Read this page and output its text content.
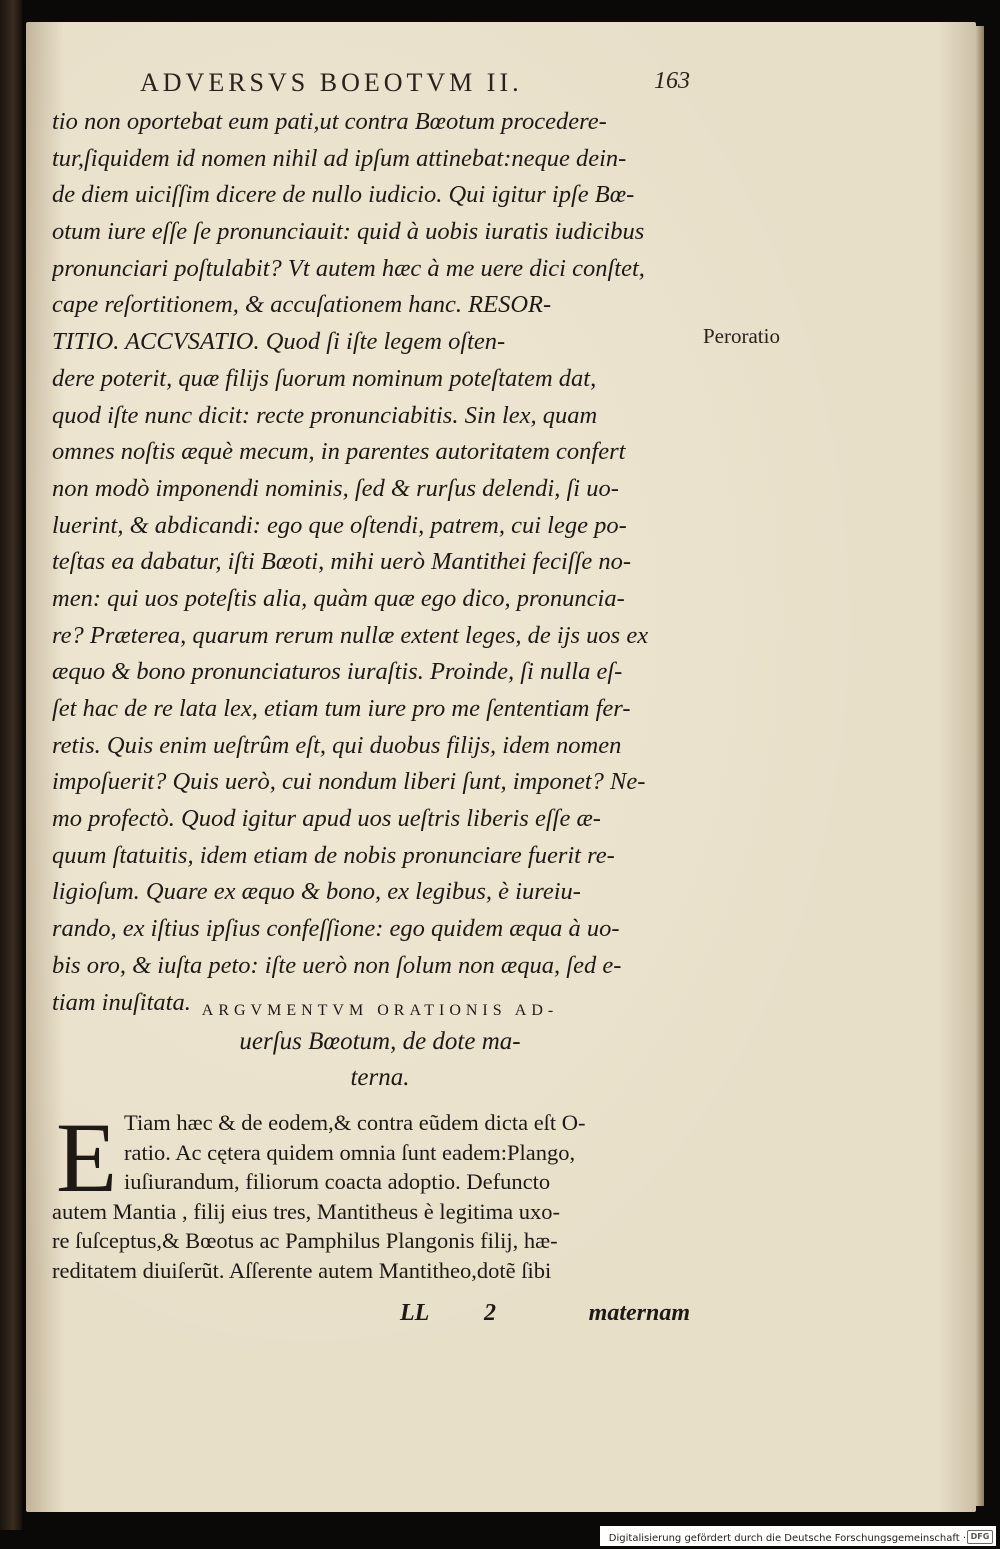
ADVERSVS BOEOTVM II.	163
tio non oportebat eum pati,ut contra Bœotum procedere-
tur,ſiquidem id nomen nihil ad ipſum attinebat:neque dein-
de diem uiciſſim dicere de nullo iudicio. Qui igitur ipſe Bœ-
otum iure eſſe ſe pronunciauit: quid à uobis iuratis iudicibus
pronunciari poſtulabit? Vt autem hæc à me uere dici conſtet,
cape reſortitionem, & accuſationem hanc. RESOR-
TITIO. ACCVSATIO. Quod ſi iſte legem oſten-
dere poterit, quæ filijs ſuorum nominum poteſtatem dat,
quod iſte nunc dicit: recte pronunciabitis. Sin lex, quam
omnes noſtis æquè mecum, in parentes autoritatem confert
non modò imponendi nominis, ſed & rurſus delendi, ſi uo-
luerint, & abdicandi: ego que oſtendi, patrem, cui lege po-
teſtas ea dabatur, iſti Bœoti, mihi uerò Mantithei feciſſe no-
men: qui uos poteſtis alia, quàm quæ ego dico, pronuncia-
re? Præterea, quarum rerum nullæ extent leges, de ijs uos ex
æquo & bono pronunciaturos iuraſtis. Proinde, ſi nulla eſ-
ſet hac de re lata lex, etiam tum iure pro me ſententiam fer-
retis. Quis enim ueſtrûm eſt, qui duobus filijs, idem nomen
impoſuerit? Quis uerò, cui nondum liberi ſunt, imponet? Ne-
mo profectò. Quod igitur apud uos ueſtris liberis eſſe æ-
quum ſtatuitis, idem etiam de nobis pronunciare fuerit re-
ligioſum. Quare ex æquo & bono, ex legibus, è iureiu-
rando, ex iſtius ipſius confeſſione: ego quidem æqua à uo-
bis oro, & iuſta peto: iſte uerò non ſolum non æqua, ſed e-
tiam inuſitata.
Peroratio
ARGVMENTVM ORATIONIS AD-
uerſus Bœotum, de dote ma-
terna.
E Tiam hæc & de eodem,& contra eũdem dicta eſt O-
ratio. Ac cętera quidem omnia ſunt eadem:Plango,
iuſiurandum, filiorum coacta adoptio. Defuncto
autem Mantia , filij eius tres, Mantitheus è legitima uxo-
re ſuſceptus,& Bœotus ac Pamphilus Plangonis filij, hæ-
reditatem diuiſerũt. Aſſerente autem Mantitheo,dotẽ ſibi
LL 2	maternam
Digitalisierung gefördert durch die Deutsche Forschungsgemeinschaft · DFG
